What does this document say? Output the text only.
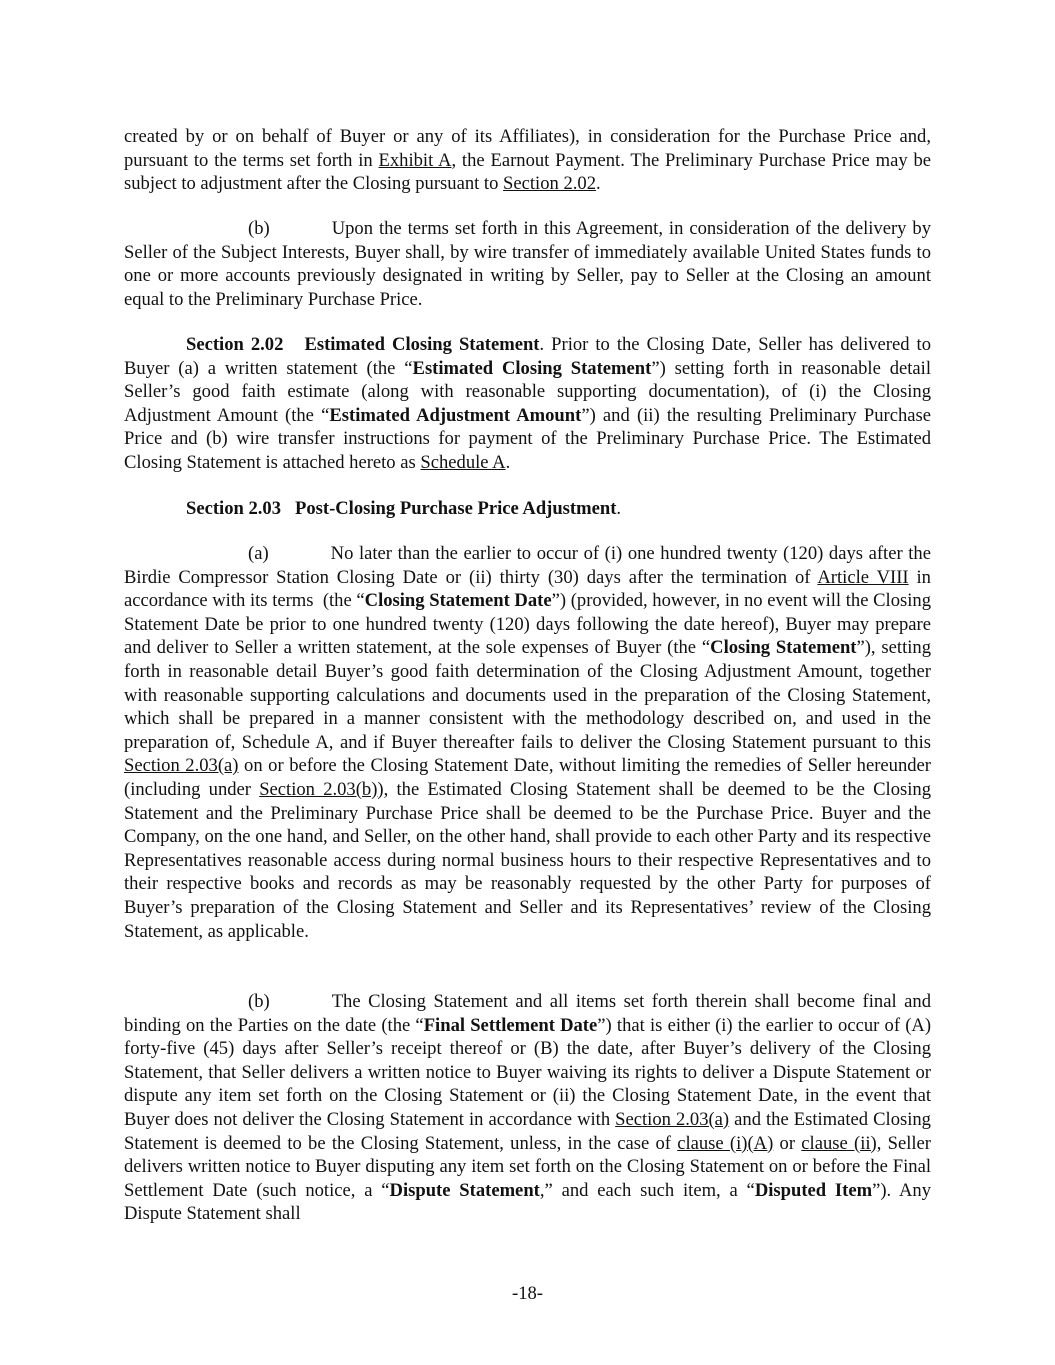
created by or on behalf of Buyer or any of its Affiliates), in consideration for the Purchase Price and, pursuant to the terms set forth in Exhibit A, the Earnout Payment. The Preliminary Purchase Price may be subject to adjustment after the Closing pursuant to Section 2.02.

(b)	Upon the terms set forth in this Agreement, in consideration of the delivery by Seller of the Subject Interests, Buyer shall, by wire transfer of immediately available United States funds to one or more accounts previously designated in writing by Seller, pay to Seller at the Closing an amount equal to the Preliminary Purchase Price.

Section 2.02 Estimated Closing Statement. Prior to the Closing Date, Seller has delivered to Buyer (a) a written statement (the “Estimated Closing Statement”) setting forth in reasonable detail Seller’s good faith estimate (along with reasonable supporting documentation), of (i) the Closing Adjustment Amount (the “Estimated Adjustment Amount”) and (ii) the resulting Preliminary Purchase Price and (b) wire transfer instructions for payment of the Preliminary Purchase Price. The Estimated Closing Statement is attached hereto as Schedule A.

Section 2.03 Post-Closing Purchase Price Adjustment.

(a)	No later than the earlier to occur of (i) one hundred twenty (120) days after the Birdie Compressor Station Closing Date or (ii) thirty (30) days after the termination of Article VIII in accordance with its terms  (the “Closing Statement Date”) (provided, however, in no event will the Closing Statement Date be prior to one hundred twenty (120) days following the date hereof), Buyer may prepare and deliver to Seller a written statement, at the sole expenses of Buyer (the “Closing Statement”), setting forth in reasonable detail Buyer’s good faith determination of the Closing Adjustment Amount, together with reasonable supporting calculations and documents used in the preparation of the Closing Statement, which shall be prepared in a manner consistent with the methodology described on, and used in the preparation of, Schedule A, and if Buyer thereafter fails to deliver the Closing Statement pursuant to this Section 2.03(a) on or before the Closing Statement Date, without limiting the remedies of Seller hereunder (including under Section 2.03(b)), the Estimated Closing Statement shall be deemed to be the Closing Statement and the Preliminary Purchase Price shall be deemed to be the Purchase Price. Buyer and the Company, on the one hand, and Seller, on the other hand, shall provide to each other Party and its respective Representatives reasonable access during normal business hours to their respective Representatives and to their respective books and records as may be reasonably requested by the other Party for purposes of Buyer’s preparation of the Closing Statement and Seller and its Representatives’ review of the Closing Statement, as applicable.

(b)	The Closing Statement and all items set forth therein shall become final and binding on the Parties on the date (the “Final Settlement Date”) that is either (i) the earlier to occur of (A) forty-five (45) days after Seller’s receipt thereof or (B) the date, after Buyer’s delivery of the Closing Statement, that Seller delivers a written notice to Buyer waiving its rights to deliver a Dispute Statement or dispute any item set forth on the Closing Statement or (ii) the Closing Statement Date, in the event that Buyer does not deliver the Closing Statement in accordance with Section 2.03(a) and the Estimated Closing Statement is deemed to be the Closing Statement, unless, in the case of clause (i)(A) or clause (ii), Seller delivers written notice to Buyer disputing any item set forth on the Closing Statement on or before the Final Settlement Date (such notice, a “Dispute Statement,” and each such item, a “Disputed Item”). Any Dispute Statement shall

-18-
